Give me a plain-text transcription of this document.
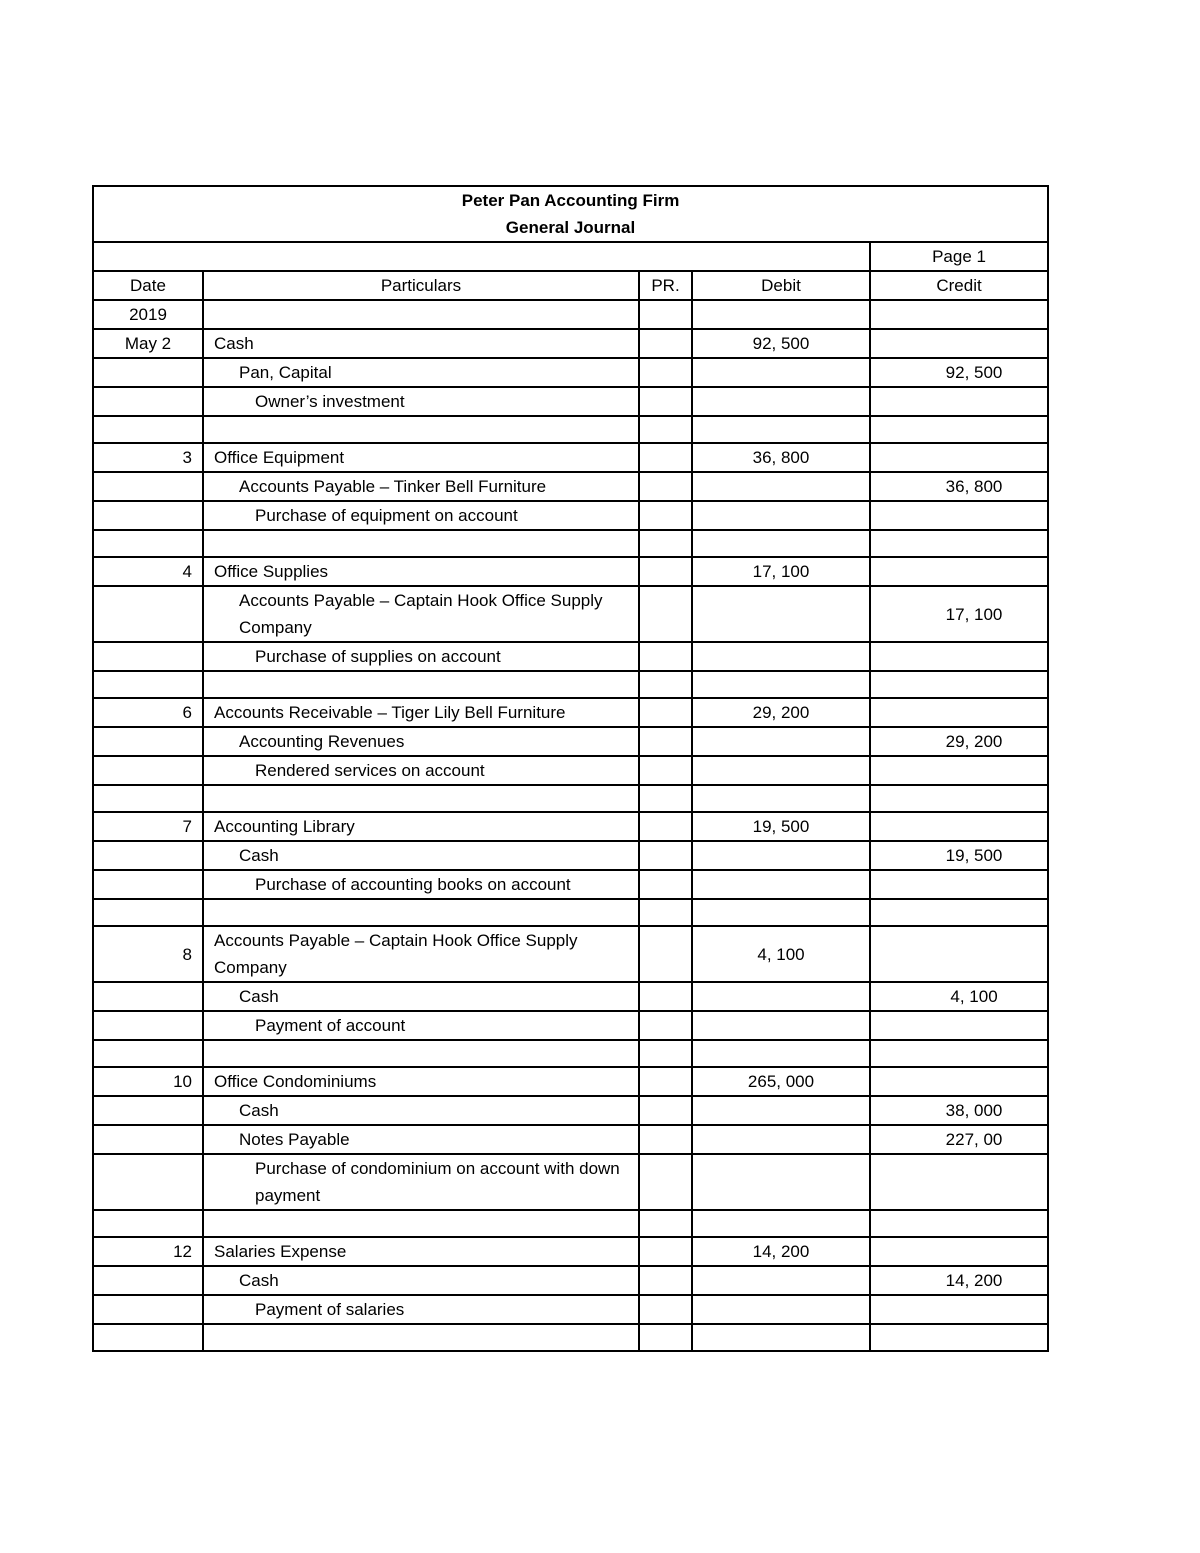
Peter Pan Accounting Firm
General Journal				

				Page 1
Date	Particulars	PR.	Debit	Credit
2019				
May 2	Cash		92, 500	
	Pan, Capital			92, 500
	Owner’s investment			

3	Office Equipment		36, 800	
	Accounts Payable – Tinker Bell Furniture			36, 800
	Purchase of equipment on account			

4	Office Supplies		17, 100	
	Accounts Payable – Captain Hook Office Supply Company			17, 100
	Purchase of supplies on account			

6	Accounts Receivable – Tiger Lily Bell Furniture		29, 200	
	Accounting Revenues			29, 200
	Rendered services on account			

7	Accounting Library		19, 500	
	Cash			19, 500
	Purchase of accounting books on account			

8	Accounts Payable – Captain Hook Office Supply Company		4, 100	
	Cash			4, 100
	Payment of account			

10	Office Condominiums		265, 000	
	Cash			38, 000
	Notes Payable			227, 00
	Purchase of condominium on account with down payment			

12	Salaries Expense		14, 200	
	Cash			14, 200
	Payment of salaries			
